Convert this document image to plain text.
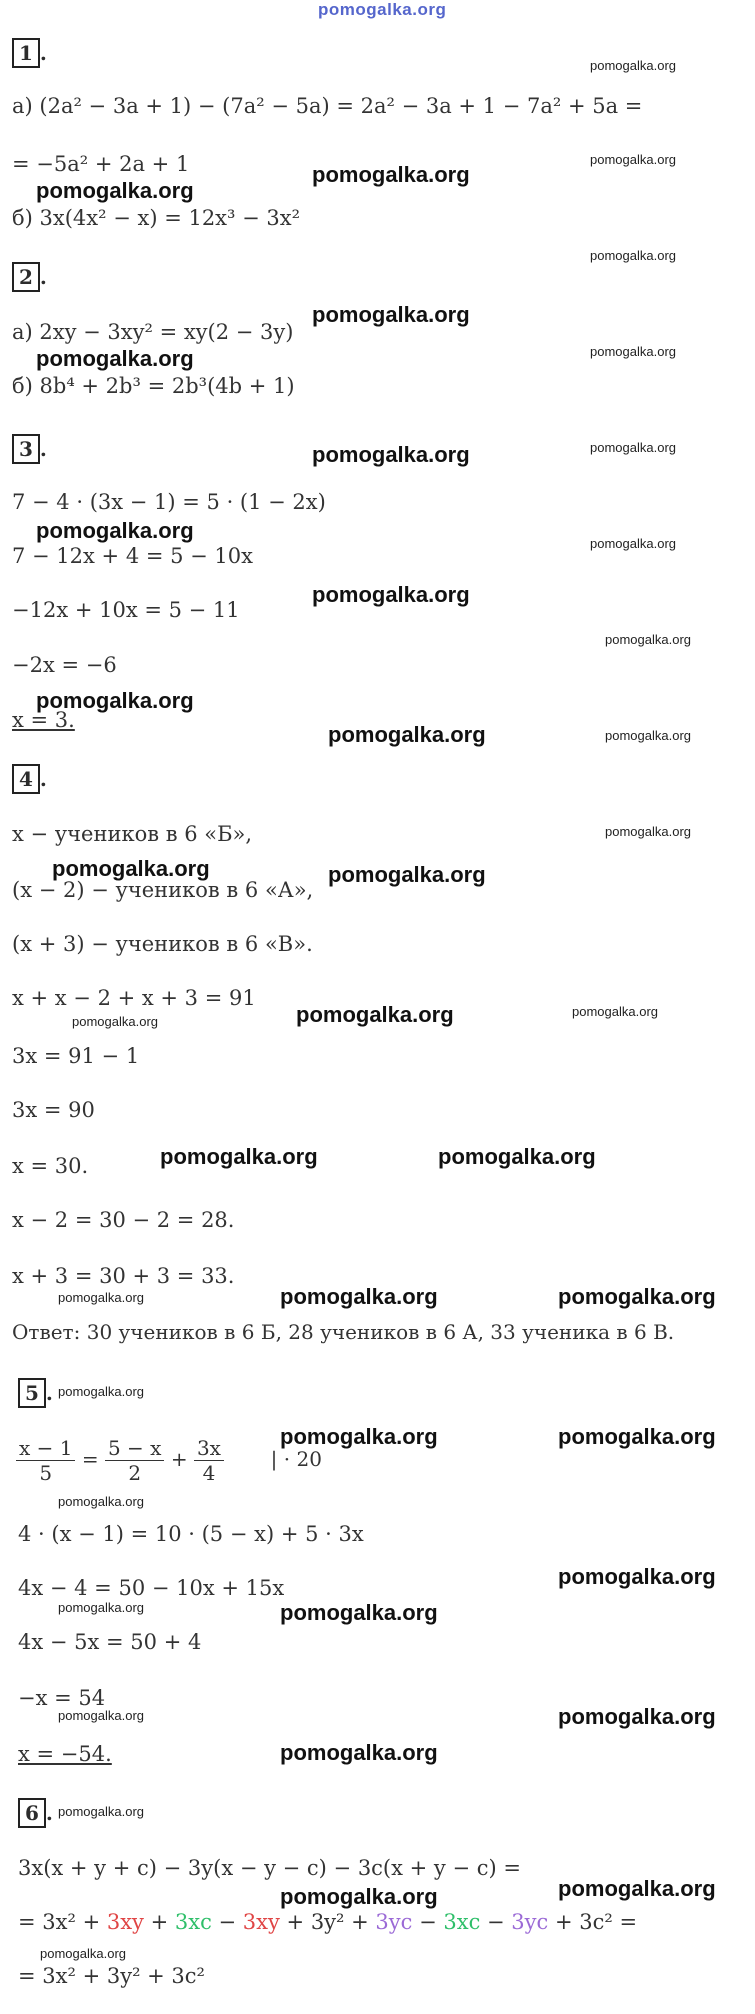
pomogalka.org
1 .
pomogalka.org
а) (2a² − 3a + 1) − (7a² − 5a) = 2a² − 3a + 1 − 7a² + 5a =
= −5a² + 2a + 1	pomogalka.org
pomogalka.org
pomogalka.org
б) 3x(4x² − x) = 12x³ − 3x²
pomogalka.org
2 .
pomogalka.org
а) 2xy − 3xy² = xy(2 − 3y)
pomogalka.org
pomogalka.org
б) 8b⁴ + 2b³ = 2b³(4b + 1)
3 .	pomogalka.org
pomogalka.org
7 − 4 · (3x − 1) = 5 · (1 − 2x)
pomogalka.org
pomogalka.org
7 − 12x + 4 = 5 − 10x
pomogalka.org
−12x + 10x = 5 − 11
pomogalka.org
−2x = −6
pomogalka.org
x = 3.
pomogalka.org	pomogalka.org
4 .
x − учеников в 6 «Б»,	pomogalka.org
pomogalka.org	pomogalka.org
(x − 2) − учеников в 6 «А»,
(x + 3) − учеников в 6 «В».
x + x − 2 + x + 3 = 91
pomogalka.org
pomogalka.org
pomogalka.org
3x = 91 − 1
3x = 90
pomogalka.org	pomogalka.org
x = 30.
x − 2 = 30 − 2 = 28.
x + 3 = 30 + 3 = 33.
pomogalka.org	pomogalka.org
pomogalka.org
Ответ: 30 учеников в 6 Б, 28 учеников в 6 А, 33 ученика в 6 В.
5 . pomogalka.org
pomogalka.org	pomogalka.org
$\frac{x - 1}{5} = \frac{5 - x}{2} + \frac{3x}{4}$ | · 20
pomogalka.org
4 · (x − 1) = 10 · (5 − x) + 5 · 3x
pomogalka.org
4x − 4 = 50 − 10x + 15x
pomogalka.org	pomogalka.org
4x − 5x = 50 + 4
−x = 54
pomogalka.org
pomogalka.org
pomogalka.org
x = −54.
6 . pomogalka.org
3x(x + y + c) − 3y(x − y − c) − 3c(x + y − c) =
pomogalka.org	pomogalka.org
= 3x² + 3xy + 3xc − 3xy + 3y² + 3yc − 3xc − 3yc + 3c² =
pomogalka.org
= 3x² + 3y² + 3c²
